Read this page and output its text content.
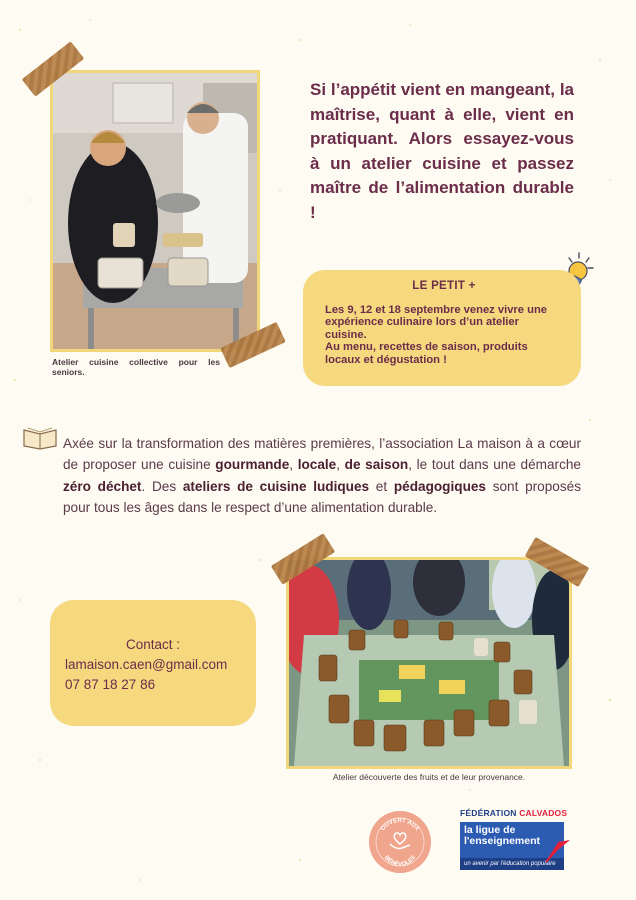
Atelier cuisine collective pour les seniors.
Si l’appétit vient en mangeant, la maîtrise, quant à elle, vient en pratiquant. Alors essayez-vous à un atelier cuisine et passez maître de l’alimentation durable !
LE PETIT +
Les 9, 12 et 18 septembre venez vivre une expérience culinaire lors d’un atelier cuisine.
Au menu, recettes de saison, produits locaux et dégustation !

Axée sur la transformation des matières premières, l’association La maison à a cœur de proposer une cuisine gourmande, locale, de saison, le tout dans une démarche zéro déchet. Des ateliers de cuisine ludiques et pédagogiques sont proposés pour tous les âges dans le respect d’une alimentation durable.

Contact :
lamaison.caen@gmail.com
07 87 18 27 86
Atelier découverte des fruits et de leur provenance.
OUVERT AUX
BÉNÉVOLES
FÉDÉRATION CALVADOS
la ligue de
l'enseignement
un avenir par l'éducation populaire
